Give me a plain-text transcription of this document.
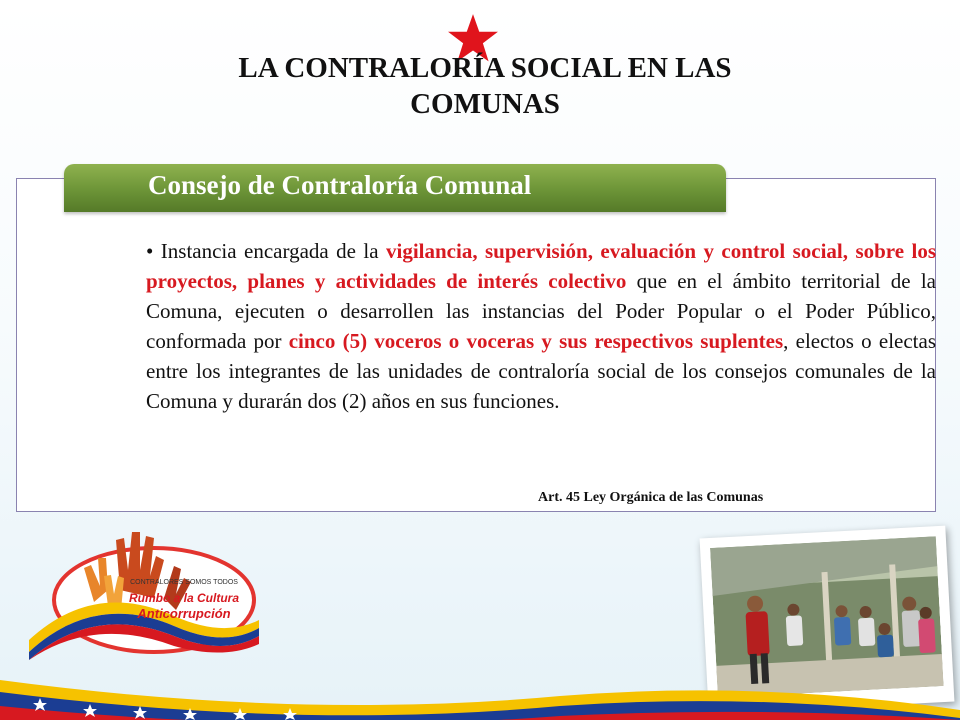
LA CONTRALORÍA SOCIAL EN LAS
COMUNAS
Consejo de Contraloría Comunal
• Instancia encargada de la vigilancia, supervisión, evaluación y control social, sobre los proyectos, planes y actividades de interés colectivo que en el ámbito territorial de la Comuna, ejecuten o desarrollen las instancias del Poder Popular o el Poder Público, conformada por cinco (5) voceros o voceras y sus respectivos suplentes, electos o electas entre los integrantes de las unidades de contraloría social de los consejos comunales de la Comuna y durarán dos (2) años en sus funciones.
Art. 45 Ley Orgánica de las Comunas
CONTRALORES SOMOS TODOS
Rumbo a la Cultura
Anticorrupción
